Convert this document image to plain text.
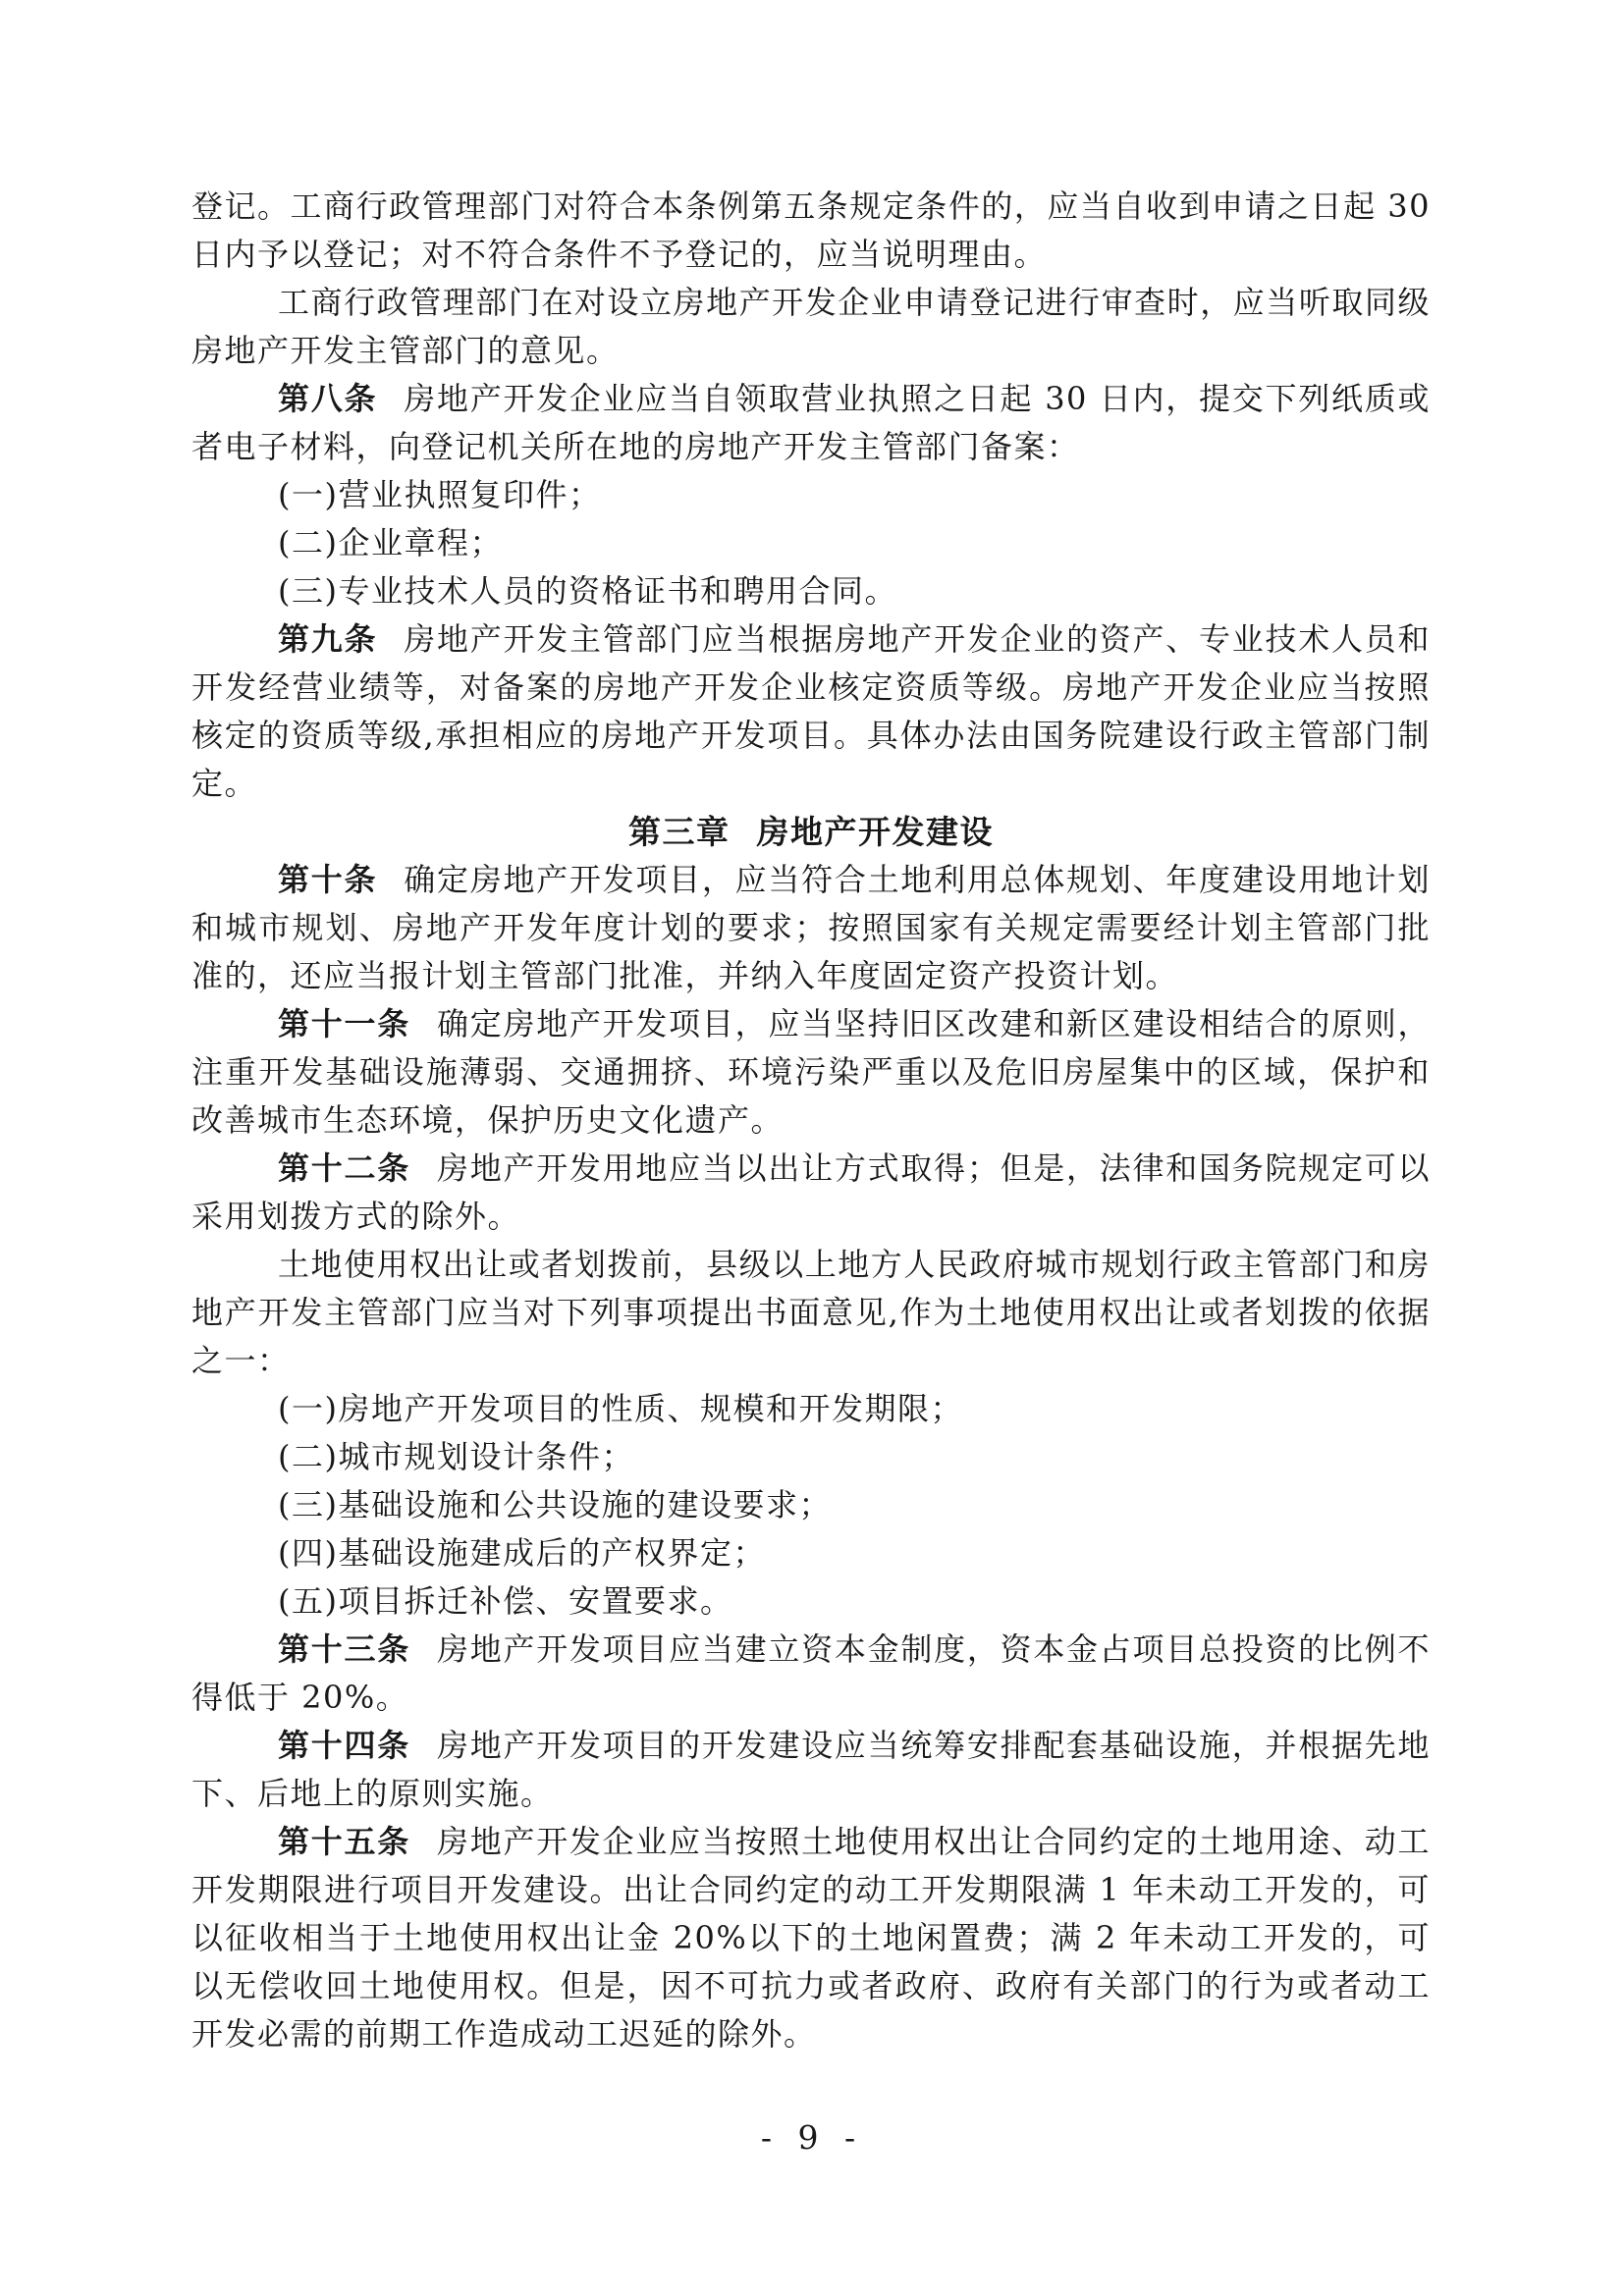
登记。工商行政管理部门对符合本条例第五条规定条件的，应当自收到申请之日起 30 日内予以登记；对不符合条件不予登记的，应当说明理由。

工商行政管理部门在对设立房地产开发企业申请登记进行审查时，应当听取同级房地产开发主管部门的意见。

第八条 房地产开发企业应当自领取营业执照之日起 30 日内，提交下列纸质或者电子材料，向登记机关所在地的房地产开发主管部门备案：

(一)营业执照复印件；

(二)企业章程；

(三)专业技术人员的资格证书和聘用合同。

第九条 房地产开发主管部门应当根据房地产开发企业的资产、专业技术人员和开发经营业绩等，对备案的房地产开发企业核定资质等级。房地产开发企业应当按照核定的资质等级,承担相应的房地产开发项目。具体办法由国务院建设行政主管部门制定。

第三章 房地产开发建设

第十条 确定房地产开发项目，应当符合土地利用总体规划、年度建设用地计划和城市规划、房地产开发年度计划的要求；按照国家有关规定需要经计划主管部门批准的，还应当报计划主管部门批准，并纳入年度固定资产投资计划。

第十一条 确定房地产开发项目，应当坚持旧区改建和新区建设相结合的原则，注重开发基础设施薄弱、交通拥挤、环境污染严重以及危旧房屋集中的区域，保护和改善城市生态环境，保护历史文化遗产。

第十二条 房地产开发用地应当以出让方式取得；但是，法律和国务院规定可以采用划拨方式的除外。

土地使用权出让或者划拨前，县级以上地方人民政府城市规划行政主管部门和房地产开发主管部门应当对下列事项提出书面意见,作为土地使用权出让或者划拨的依据之一：

(一)房地产开发项目的性质、规模和开发期限；

(二)城市规划设计条件；

(三)基础设施和公共设施的建设要求；

(四)基础设施建成后的产权界定；

(五)项目拆迁补偿、安置要求。

第十三条 房地产开发项目应当建立资本金制度，资本金占项目总投资的比例不得低于 20%。

第十四条 房地产开发项目的开发建设应当统筹安排配套基础设施，并根据先地下、后地上的原则实施。

第十五条 房地产开发企业应当按照土地使用权出让合同约定的土地用途、动工开发期限进行项目开发建设。出让合同约定的动工开发期限满 1 年未动工开发的，可以征收相当于土地使用权出让金 20%以下的土地闲置费；满 2 年未动工开发的，可以无偿收回土地使用权。但是，因不可抗力或者政府、政府有关部门的行为或者动工开发必需的前期工作造成动工迟延的除外。

- 9 -
